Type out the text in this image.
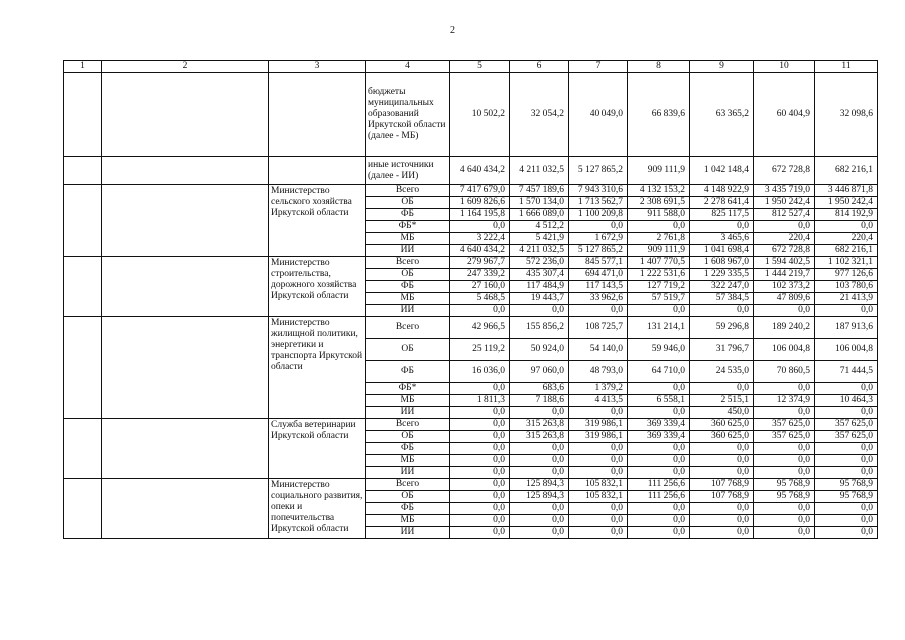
2
1	2	3	4	5	6	7	8	9	10	11
			бюджеты муниципальных образований Иркутской области (далее - МБ)	10 502,2	32 054,2	40 049,0	66 839,6	63 365,2	60 404,9	32 098,6
			иные источники (далее - ИИ)	4 640 434,2	4 211 032,5	5 127 865,2	909 111,9	1 042 148,4	672 728,8	682 216,1
		Министерство сельского хозяйства Иркутской области	Всего	7 417 679,0	7 457 189,6	7 943 310,6	4 132 153,2	4 148 922,9	3 435 719,0	3 446 871,8
			ОБ	1 609 826,6	1 570 134,0	1 713 562,7	2 308 691,5	2 278 641,4	1 950 242,4	1 950 242,4
			ФБ	1 164 195,8	1 666 089,0	1 100 209,8	911 588,0	825 117,5	812 527,4	814 192,9
			ФБ*	0,0	4 512,2	0,0	0,0	0,0	0,0	0,0
			МБ	3 222,4	5 421,9	1 672,9	2 761,8	3 465,6	220,4	220,4
			ИИ	4 640 434,2	4 211 032,5	5 127 865,2	909 111,9	1 041 698,4	672 728,8	682 216,1
		Министерство строительства, дорожного хозяйства Иркутской области	Всего	279 967,7	572 236,0	845 577,1	1 407 770,5	1 608 967,0	1 594 402,5	1 102 321,1
			ОБ	247 339,2	435 307,4	694 471,0	1 222 531,6	1 229 335,5	1 444 219,7	977 126,6
			ФБ	27 160,0	117 484,9	117 143,5	127 719,2	322 247,0	102 373,2	103 780,6
			МБ	5 468,5	19 443,7	33 962,6	57 519,7	57 384,5	47 809,6	21 413,9
			ИИ	0,0	0,0	0,0	0,0	0,0	0,0	0,0
		Министерство жилищной политики, энергетики и транспорта Иркутской области	Всего	42 966,5	155 856,2	108 725,7	131 214,1	59 296,8	189 240,2	187 913,6
			ОБ	25 119,2	50 924,0	54 140,0	59 946,0	31 796,7	106 004,8	106 004,8
			ФБ	16 036,0	97 060,0	48 793,0	64 710,0	24 535,0	70 860,5	71 444,5
			ФБ*	0,0	683,6	1 379,2	0,0	0,0	0,0	0,0
			МБ	1 811,3	7 188,6	4 413,5	6 558,1	2 515,1	12 374,9	10 464,3
			ИИ	0,0	0,0	0,0	0,0	450,0	0,0	0,0
		Служба ветеринарии Иркутской области	Всего	0,0	315 263,8	319 986,1	369 339,4	360 625,0	357 625,0	357 625,0
			ОБ	0,0	315 263,8	319 986,1	369 339,4	360 625,0	357 625,0	357 625,0
			ФБ	0,0	0,0	0,0	0,0	0,0	0,0	0,0
			МБ	0,0	0,0	0,0	0,0	0,0	0,0	0,0
			ИИ	0,0	0,0	0,0	0,0	0,0	0,0	0,0
		Министерство социального развития, опеки и попечительства Иркутской области	Всего	0,0	125 894,3	105 832,1	111 256,6	107 768,9	95 768,9	95 768,9
			ОБ	0,0	125 894,3	105 832,1	111 256,6	107 768,9	95 768,9	95 768,9
			ФБ	0,0	0,0	0,0	0,0	0,0	0,0	0,0
			МБ	0,0	0,0	0,0	0,0	0,0	0,0	0,0
			ИИ	0,0	0,0	0,0	0,0	0,0	0,0	0,0
